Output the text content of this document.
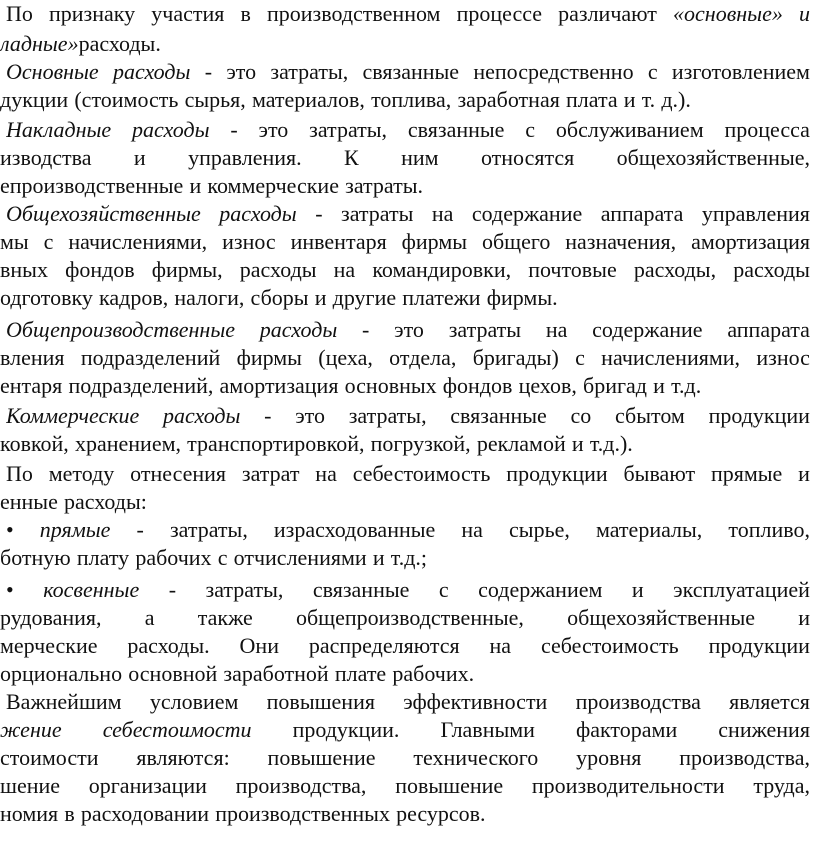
По признаку участия в производственном процессе различают «основные» и
ладные» расходы.
Основные расходы - это затраты, связанные непосредственно с изготовлением
дукции (стоимость сырья, материалов, топлива, заработная плата и т. д.).
Накладные расходы - это затраты, связанные с обслуживанием процесса
изводства и управления. К ним относятся общехозяйственные,
епроизводственные и коммерческие затраты.
Общехозяйственные расходы - затраты на содержание аппарата управления
мы с начислениями, износ инвентаря фирмы общего назначения, амортизация
вных фондов фирмы, расходы на командировки, почтовые расходы, расходы
одготовку кадров, налоги, сборы и другие платежи фирмы.
Общепроизводственные расходы - это затраты на содержание аппарата
вления подразделений фирмы (цеха, отдела, бригады) с начислениями, износ
ентаря подразделений, амортизация основных фондов цехов, бригад и т.д.
Коммерческие расходы - это затраты, связанные со сбытом продукции
ковкой, хранением, транспортировкой, погрузкой, рекламой и т.д.).
По методу отнесения затрат на себестоимость продукции бывают прямые и
енные расходы:
• прямые - затраты, израсходованные на сырье, материалы, топливо,
ботную плату рабочих с отчислениями и т.д.;
• косвенные - затраты, связанные с содержанием и эксплуатацией
рудования, а также общепроизводственные, общехозяйственные и
мерческие расходы. Они распределяются на себестоимость продукции
орционально основной заработной плате рабочих.
Важнейшим условием повышения эффективности производства является
жение себестоимости продукции. Главными факторами снижения
стоимости являются: повышение технического уровня производства,
шение организации производства, повышение производительности труда,
номия в расходовании производственных ресурсов.
